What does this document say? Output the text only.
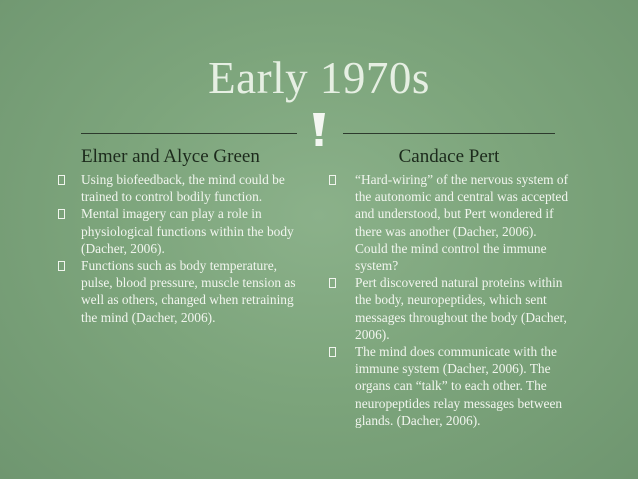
Early 1970s
Elmer and Alyce Green	Candace Pert
Using biofeedback, the mind could be trained to control bodily function.
Mental imagery can play a role in physiological functions within the body (Dacher, 2006).
Functions such as body temperature, pulse, blood pressure, muscle tension as well as others, changed when retraining the mind (Dacher, 2006).
“Hard-wiring” of the nervous system of the autonomic and central was accepted and understood, but Pert wondered if there was another (Dacher, 2006). Could the mind control the immune system?
Pert discovered natural proteins within the body, neuropeptides, which sent messages throughout the body (Dacher, 2006).
The mind does communicate with the immune system (Dacher, 2006). The organs can “talk” to each other. The neuropeptides relay messages between glands. (Dacher, 2006).
